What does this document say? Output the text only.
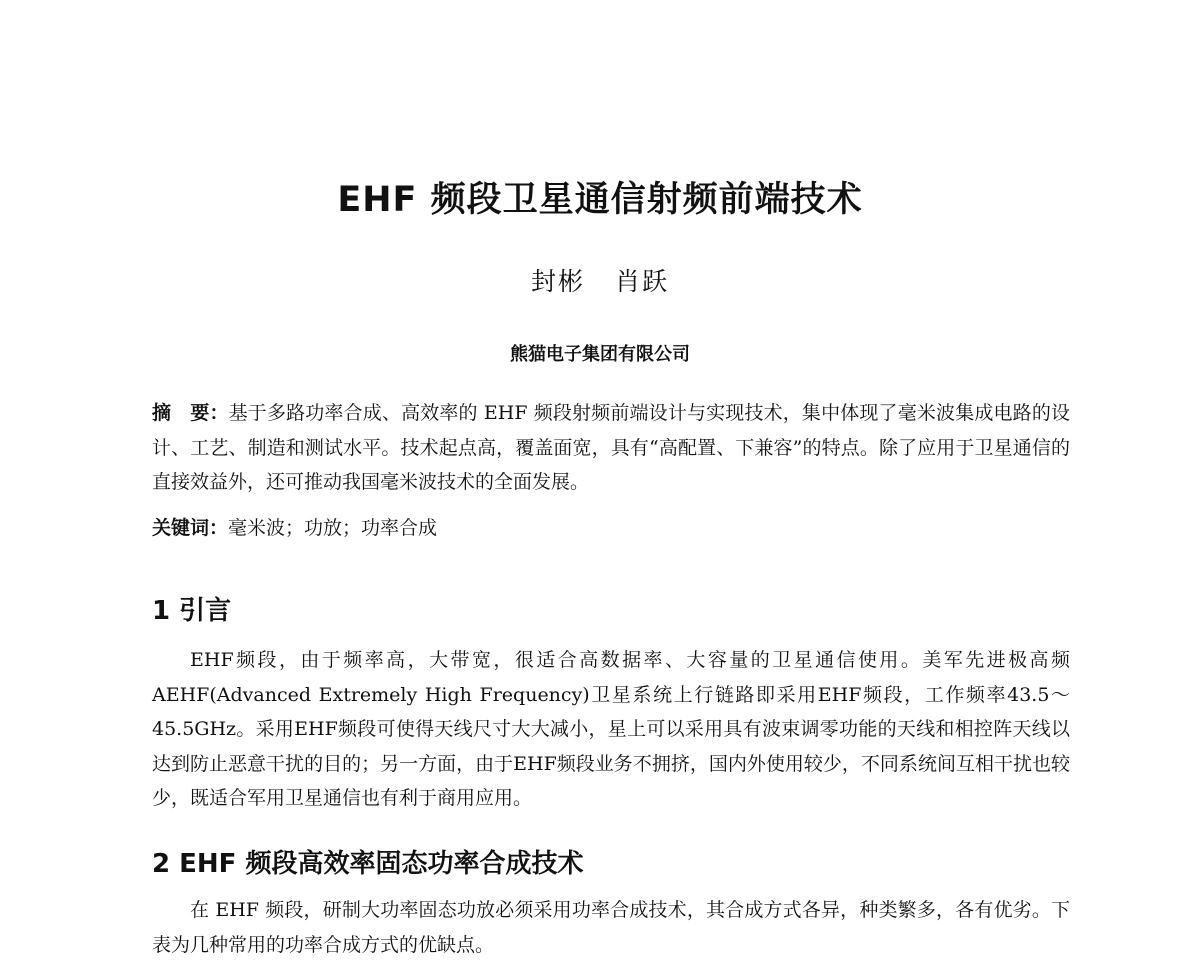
EHF 频段卫星通信射频前端技术
封彬 肖跃
熊猫电子集团有限公司

摘　要：基于多路功率合成、高效率的 EHF 频段射频前端设计与实现技术，集中体现了毫米波集成电路的设计、工艺、制造和测试水平。技术起点高，覆盖面宽，具有“高配置、下兼容”的特点。除了应用于卫星通信的直接效益外，还可推动我国毫米波技术的全面发展。

关键词：毫米波；功放；功率合成

1 引言

EHF频段，由于频率高，大带宽，很适合高数据率、大容量的卫星通信使用。美军先进极高频AEHF(Advanced Extremely High Frequency)卫星系统上行链路即采用EHF频段，工作频率43.5～45.5GHz。采用EHF频段可使得天线尺寸大大减小，星上可以采用具有波束调零功能的天线和相控阵天线以达到防止恶意干扰的目的；另一方面，由于EHF频段业务不拥挤，国内外使用较少，不同系统间互相干扰也较少，既适合军用卫星通信也有利于商用应用。

2 EHF 频段高效率固态功率合成技术

在 EHF 频段，研制大功率固态功放必须采用功率合成技术，其合成方式各异，种类繁多，各有优劣。下表为几种常用的功率合成方式的优缺点。
